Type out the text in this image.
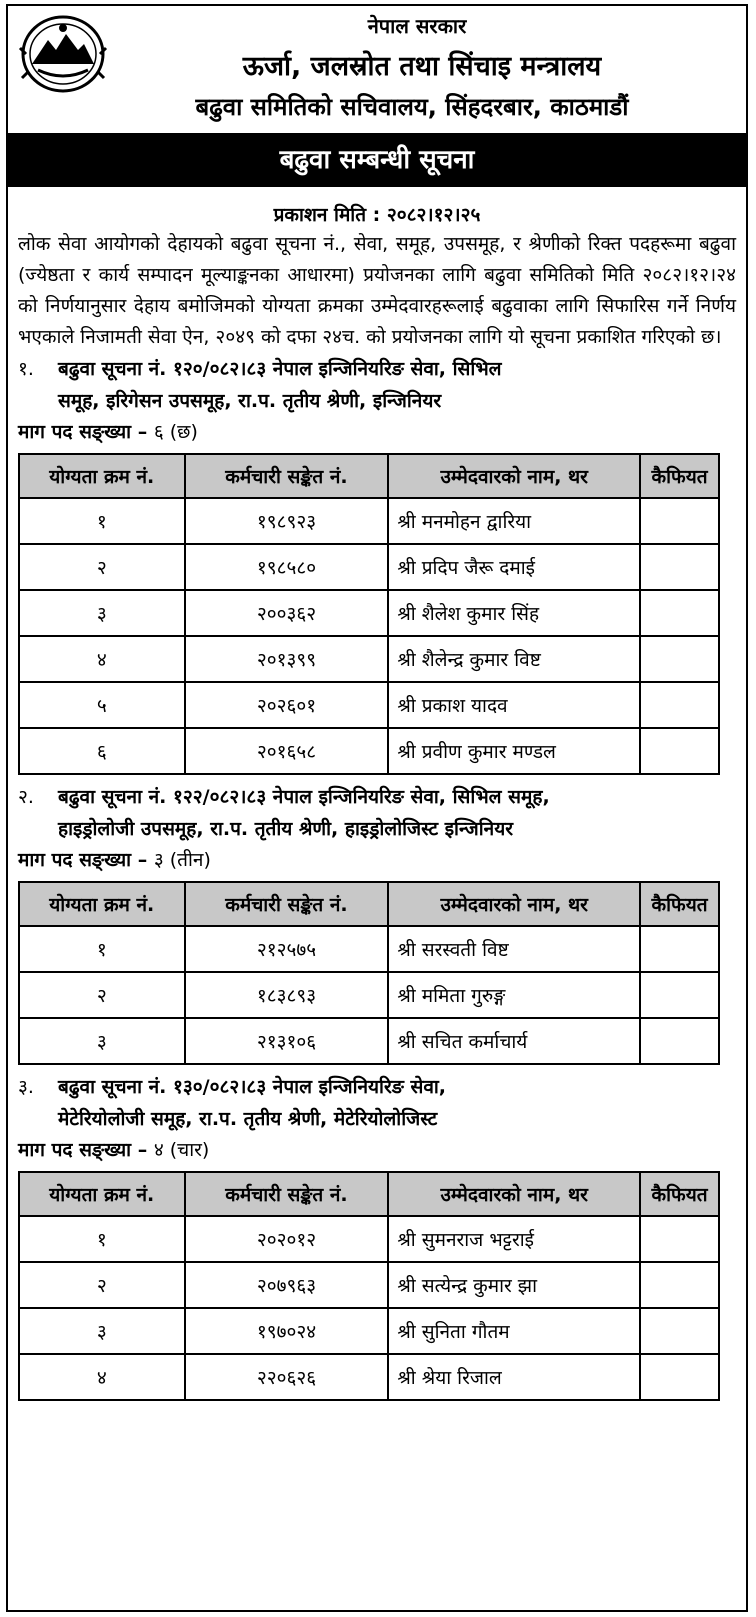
नेपाल सरकार
ऊर्जा, जलस्रोत तथा सिंचाइ मन्त्रालय
बढुवा समितिको सचिवालय, सिंहदरबार, काठमाडौं
बढुवा सम्बन्धी सूचना
प्रकाशन मिति : २०८२।१२।२५

लोक सेवा आयोगको देहायको बढुवा सूचना नं., सेवा, समूह, उपसमूह, र श्रेणीको रिक्त पदहरूमा बढुवा (ज्येष्ठता र कार्य सम्पादन मूल्याङ्कनका आधारमा) प्रयोजनका लागि बढुवा समितिको मिति २०८२।१२।२४ को निर्णयानुसार देहाय बमोजिमको योग्यता क्रमका उम्मेदवारहरूलाई बढुवाका लागि सिफारिस गर्ने निर्णय भएकाले निजामती सेवा ऐन, २०४९ को दफा २४च. को प्रयोजनका लागि यो सूचना प्रकाशित गरिएको छ।

१. बढुवा सूचना नं. १२०/०८२।८३ नेपाल इन्जिनियरिङ सेवा, सिभिल
समूह, इरिगेसन उपसमूह, रा.प. तृतीय श्रेणी, इन्जिनियर
माग पद सङ्ख्या – ६ (छ)
योग्यता क्रम नं.	कर्मचारी सङ्केत नं.	उम्मेदवारको नाम, थर	कैफियत
१	१९८९२३	श्री मनमोहन द्वारिया	
२	१९८५८०	श्री प्रदिप जैरू दमाई	
३	२००३६२	श्री शैलेश कुमार सिंह	
४	२०१३९९	श्री शैलेन्द्र कुमार विष्ट	
५	२०२६०१	श्री प्रकाश यादव	
६	२०१६५८	श्री प्रवीण कुमार मण्डल	
२. बढुवा सूचना नं. १२२/०८२।८३ नेपाल इन्जिनियरिङ सेवा, सिभिल समूह,
हाइड्रोलोजी उपसमूह, रा.प. तृतीय श्रेणी, हाइड्रोलोजिस्ट इन्जिनियर
माग पद सङ्ख्या – ३ (तीन)
योग्यता क्रम नं.	कर्मचारी सङ्केत नं.	उम्मेदवारको नाम, थर	कैफियत
१	२१२५७५	श्री सरस्वती विष्ट	
२	१८३८९३	श्री ममिता गुरुङ्ग	
३	२१३१०६	श्री सचित कर्माचार्य	
३. बढुवा सूचना नं. १३०/०८२।८३ नेपाल इन्जिनियरिङ सेवा,
मेटेरियोलोजी समूह, रा.प. तृतीय श्रेणी, मेटेरियोलोजिस्ट
माग पद सङ्ख्या – ४ (चार)
योग्यता क्रम नं.	कर्मचारी सङ्केत नं.	उम्मेदवारको नाम, थर	कैफियत
१	२०२०१२	श्री सुमनराज भट्टराई	
२	२०७९६३	श्री सत्येन्द्र कुमार झा	
३	१९७०२४	श्री सुनिता गौतम	
४	२२०६२६	श्री श्रेया रिजाल	
